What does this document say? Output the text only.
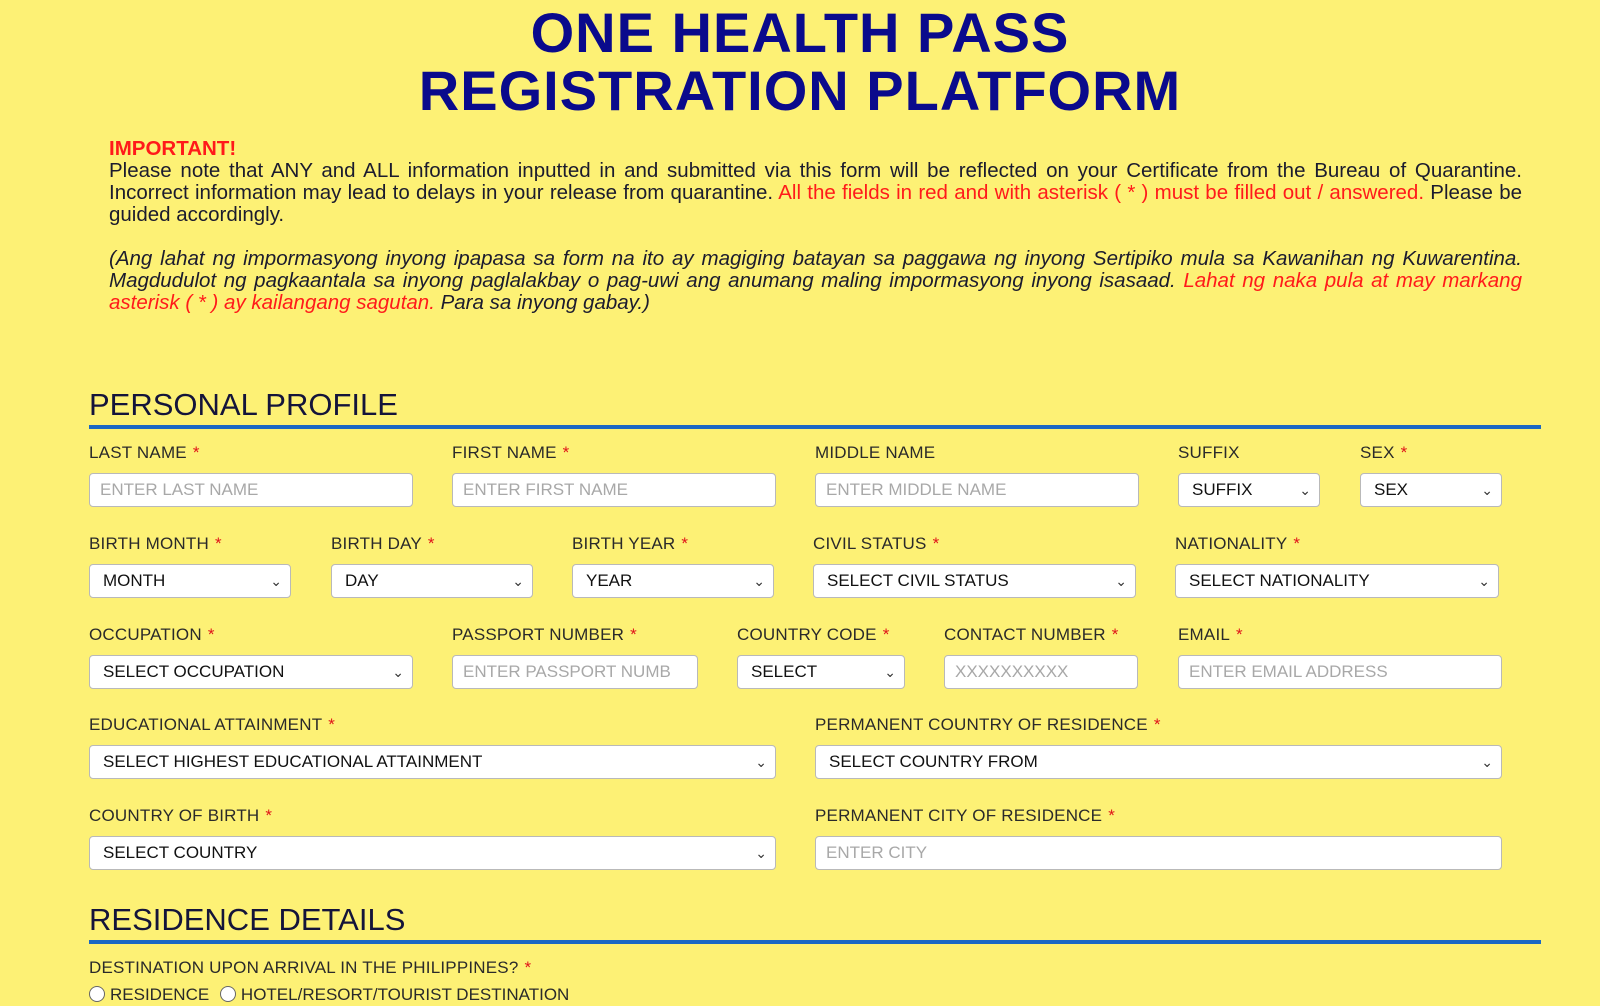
ONE HEALTH PASS
REGISTRATION PLATFORM

IMPORTANT!

Please note that ANY and ALL information inputted in and submitted via this form will be reflected on your Certificate from the Bureau of Quarantine. Incorrect information may lead to delays in your release from quarantine. All the fields in red and with asterisk ( * ) must be filled out / answered. Please be guided accordingly.

(Ang lahat ng impormasyong inyong ipapasa sa form na ito ay magiging batayan sa paggawa ng inyong Sertipiko mula sa Kawanihan ng Kuwarentina. Magdudulot ng pagkaantala sa inyong paglalakbay o pag-uwi ang anumang maling impormasyong inyong isasaad. Lahat ng naka pula at may markang asterisk ( * ) ay kailangang sagutan. Para sa inyong gabay.)

PERSONAL PROFILE
LAST NAME *
ENTER LAST NAME
FIRST NAME *
ENTER FIRST NAME
MIDDLE NAME
ENTER MIDDLE NAME
SUFFIX
SUFFIX	⌄
SEX *
SEX	⌄
BIRTH MONTH *
MONTH	⌄
BIRTH DAY *
DAY	⌄
BIRTH YEAR *
YEAR	⌄
CIVIL STATUS *
SELECT CIVIL STATUS	⌄
NATIONALITY *
SELECT NATIONALITY	⌄
OCCUPATION *
SELECT OCCUPATION	⌄
PASSPORT NUMBER *
ENTER PASSPORT NUMB
COUNTRY CODE *
SELECT	⌄
CONTACT NUMBER *
XXXXXXXXXX
EMAIL *
ENTER EMAIL ADDRESS
EDUCATIONAL ATTAINMENT *
SELECT HIGHEST EDUCATIONAL ATTAINMENT	⌄
PERMANENT COUNTRY OF RESIDENCE *
SELECT COUNTRY FROM	⌄
COUNTRY OF BIRTH *
SELECT COUNTRY	⌄
PERMANENT CITY OF RESIDENCE *
ENTER CITY
RESIDENCE DETAILS
DESTINATION UPON ARRIVAL IN THE PHILIPPINES? *
RESIDENCE HOTEL/RESORT/TOURIST DESTINATION
